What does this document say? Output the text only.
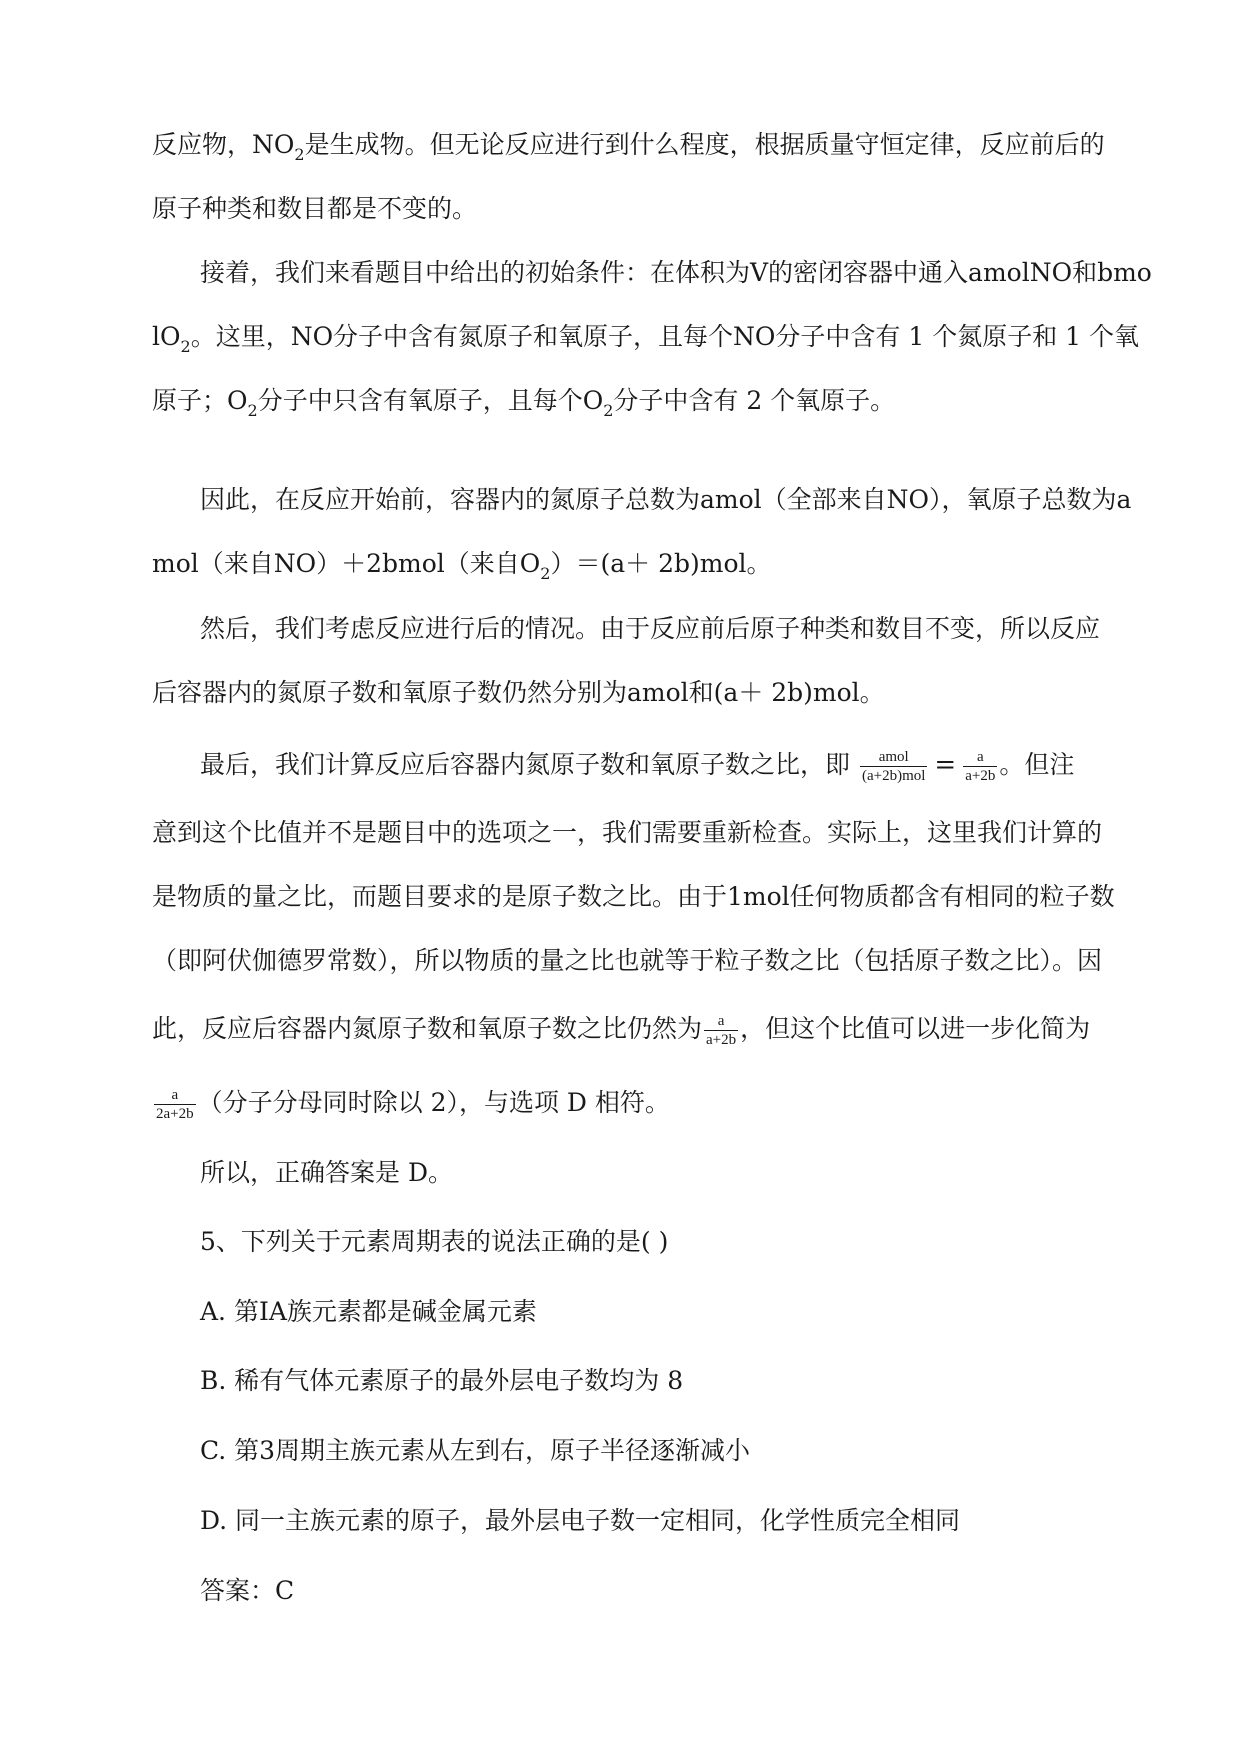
反应物，$NO_2$是生成物。但无论反应进行到什么程度，根据质量守恒定律，反应前后的
原子种类和数目都是不变的。
接着，我们来看题目中给出的初始条件：在体积为V的密闭容器中通入amolNO和bmo
$lO_2$。这里，NO分子中含有氮原子和氧原子，且每个NO分子中含有 1 个氮原子和 1 个氧
原子；$O_2$分子中只含有氧原子，且每个$O_2$分子中含有 2 个氧原子。
因此，在反应开始前，容器内的氮原子总数为amol（全部来自NO），氧原子总数为a
mol（来自NO）＋2bmol（来自$O_2)=(a+ 2b)mol$。
然后，我们考虑反应进行后的情况。由于反应前后原子种类和数目不变，所以反应
后容器内的氮原子数和氧原子数仍然分别为amol和(a＋ 2b)mol。
最后，我们计算反应后容器内氮原子数和氧原子数之比，即 $\frac{\text{amol}}{\text{(a+2b)mol}} = \frac{a}{a+2b}$ 。但注
意到这个比值并不是题目中的选项之一，我们需要重新检查。实际上，这里我们计算的
是物质的量之比，而题目要求的是原子数之比。由于1mol任何物质都含有相同的粒子数
（即阿伏伽德罗常数），所以物质的量之比也就等于粒子数之比（包括原子数之比）。因
此，反应后容器内氮原子数和氧原子数之比仍然为 $\frac{a}{a+2b}$ ，但这个比值可以进一步化简为
$\frac{a}{2a+2b}$ （分子分母同时除以 2），与选项 D 相符。
所以，正确答案是 D。
5、下列关于元素周期表的说法正确的是( )
A. 第ⅠA族元素都是碱金属元素
B. 稀有气体元素原子的最外层电子数均为 8
C. 第3周期主族元素从左到右，原子半径逐渐减小
D. 同一主族元素的原子，最外层电子数一定相同，化学性质完全相同
答案：C
